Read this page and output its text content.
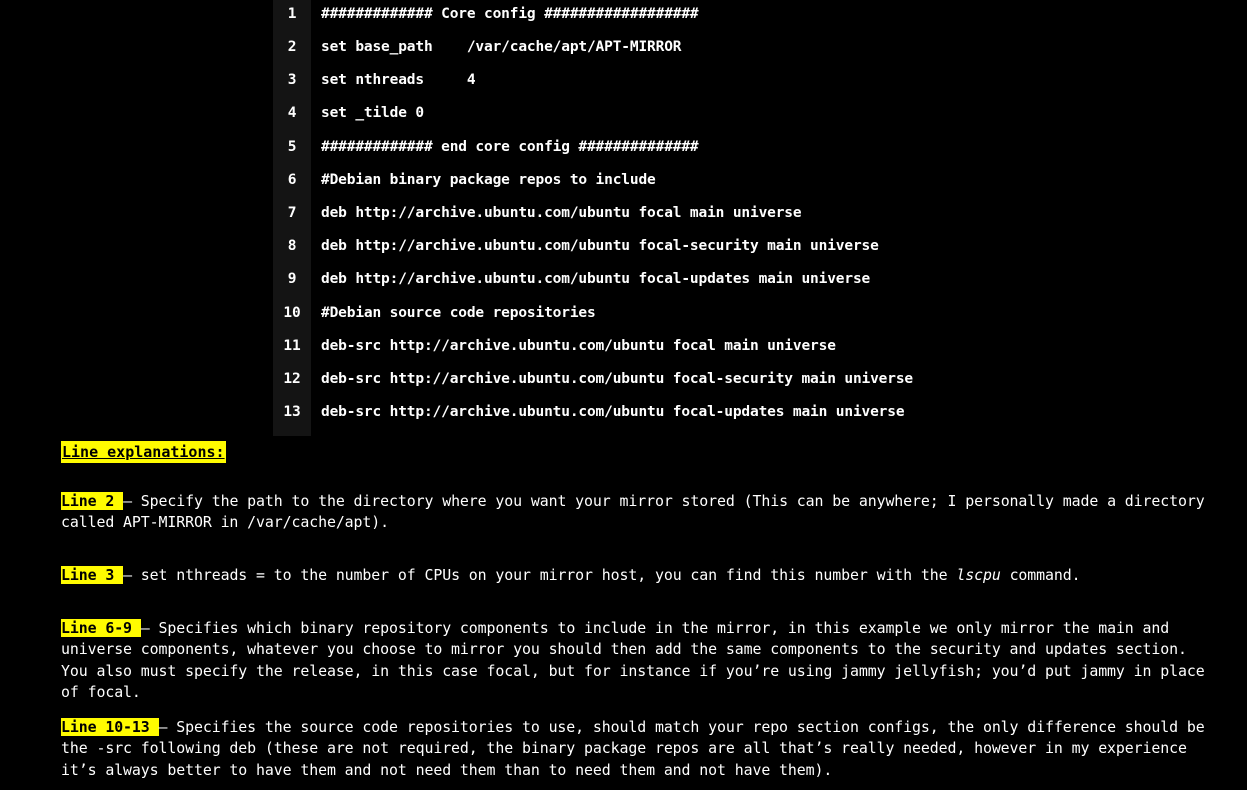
1	############# Core config ##################
2	set base_path    /var/cache/apt/APT-MIRROR
3	set nthreads     4
4	set _tilde 0
5	############# end core config ##############
6	#Debian binary package repos to include
7	deb http://archive.ubuntu.com/ubuntu focal main universe
8	deb http://archive.ubuntu.com/ubuntu focal-security main universe
9	deb http://archive.ubuntu.com/ubuntu focal-updates main universe
10	#Debian source code repositories
11	deb-src http://archive.ubuntu.com/ubuntu focal main universe
12	deb-src http://archive.ubuntu.com/ubuntu focal-security main universe
13	deb-src http://archive.ubuntu.com/ubuntu focal-updates main universe
Line explanations:
Line 2 – Specify the path to the directory where you want your mirror stored (This can be anywhere; I personally made a directory called APT-MIRROR in /var/cache/apt).
Line 3 – set nthreads = to the number of CPUs on your mirror host, you can find this number with the lscpu command.
Line 6-9 – Specifies which binary repository components to include in the mirror, in this example we only mirror the main and universe components, whatever you choose to mirror you should then add the same components to the security and updates section. You also must specify the release, in this case focal, but for instance if you’re using jammy jellyfish; you’d put jammy in place of focal.
Line 10-13 – Specifies the source code repositories to use, should match your repo section configs, the only difference should be the -src following deb (these are not required, the binary package repos are all that’s really needed, however in my experience it’s always better to have them and not need them than to need them and not have them).
